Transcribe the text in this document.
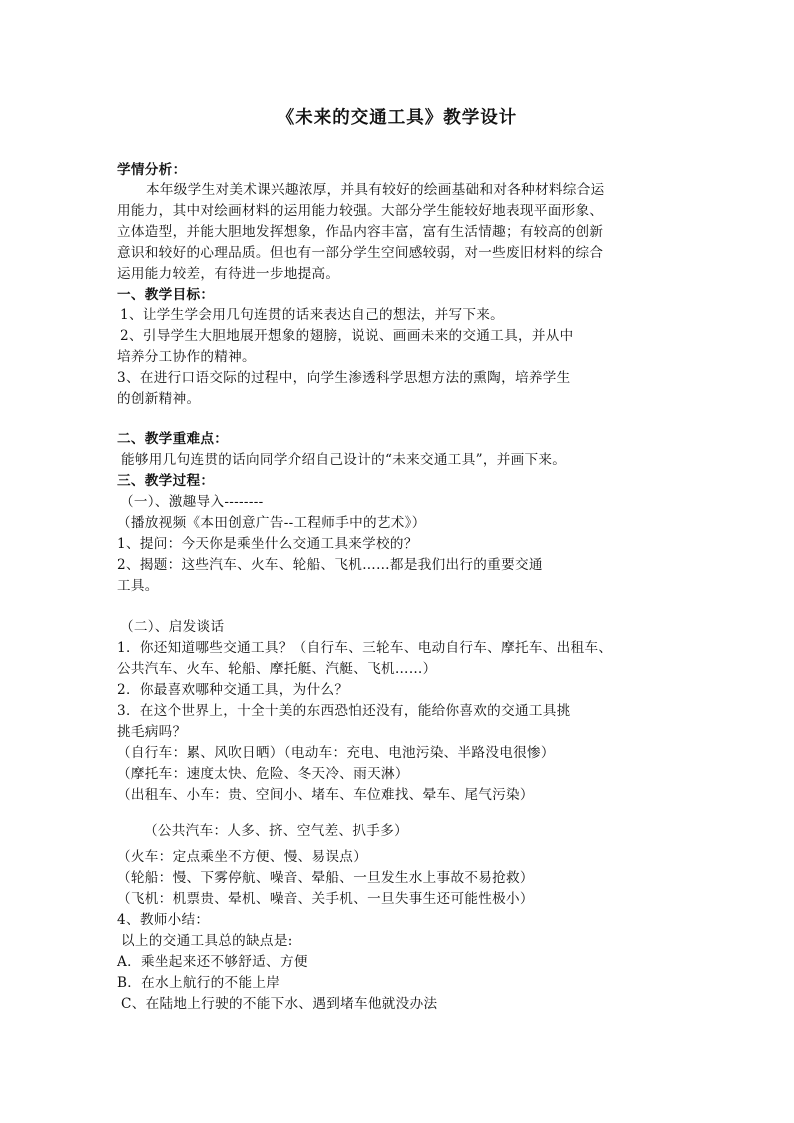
《未来的交通工具》教学设计
学情分析：
本年级学生对美术课兴趣浓厚，并具有较好的绘画基础和对各种材料综合运
用能力，其中对绘画材料的运用能力较强。大部分学生能较好地表现平面形象、
立体造型，并能大胆地发挥想象，作品内容丰富，富有生活情趣；有较高的创新
意识和较好的心理品质。但也有一部分学生空间感较弱，对一些废旧材料的综合
运用能力较差，有待进一步地提高。
一、教学目标：
1、让学生学会用几句连贯的话来表达自己的想法，并写下来。
2、引导学生大胆地展开想象的翅膀，说说、画画未来的交通工具，并从中
培养分工协作的精神。
3、在进行口语交际的过程中，向学生渗透科学思想方法的熏陶，培养学生
的创新精神。
二、教学重难点：
能够用几句连贯的话向同学介绍自己设计的“未来交通工具”，并画下来。
三、教学过程：
（一）、激趣导入--------
（播放视频《本田创意广告--工程师手中的艺术》）
1、提问：今天你是乘坐什么交通工具来学校的？
2、揭题：这些汽车、火车、轮船、飞机……都是我们出行的重要交通
工具。
（二）、启发谈话
1．你还知道哪些交通工具？（自行车、三轮车、电动自行车、摩托车、出租车、
公共汽车、火车、轮船、摩托艇、汽艇、飞机……）
2．你最喜欢哪种交通工具，为什么？
3．在这个世界上，十全十美的东西恐怕还没有，能给你喜欢的交通工具挑
挑毛病吗？
（自行车：累、风吹日晒）（电动车：充电、电池污染、半路没电很惨）
（摩托车：速度太快、危险、冬天冷、雨天淋）
（出租车、小车：贵、空间小、堵车、车位难找、晕车、尾气污染）
（公共汽车：人多、挤、空气差、扒手多）
（火车：定点乘坐不方便、慢、易误点）
（轮船：慢、下雾停航、噪音、晕船、一旦发生水上事故不易抢救）
（飞机：机票贵、晕机、噪音、关手机、一旦失事生还可能性极小）
4、教师小结：
以上的交通工具总的缺点是:
A．乘坐起来还不够舒适、方便
B．在水上航行的不能上岸
C、在陆地上行驶的不能下水、遇到堵车他就没办法
